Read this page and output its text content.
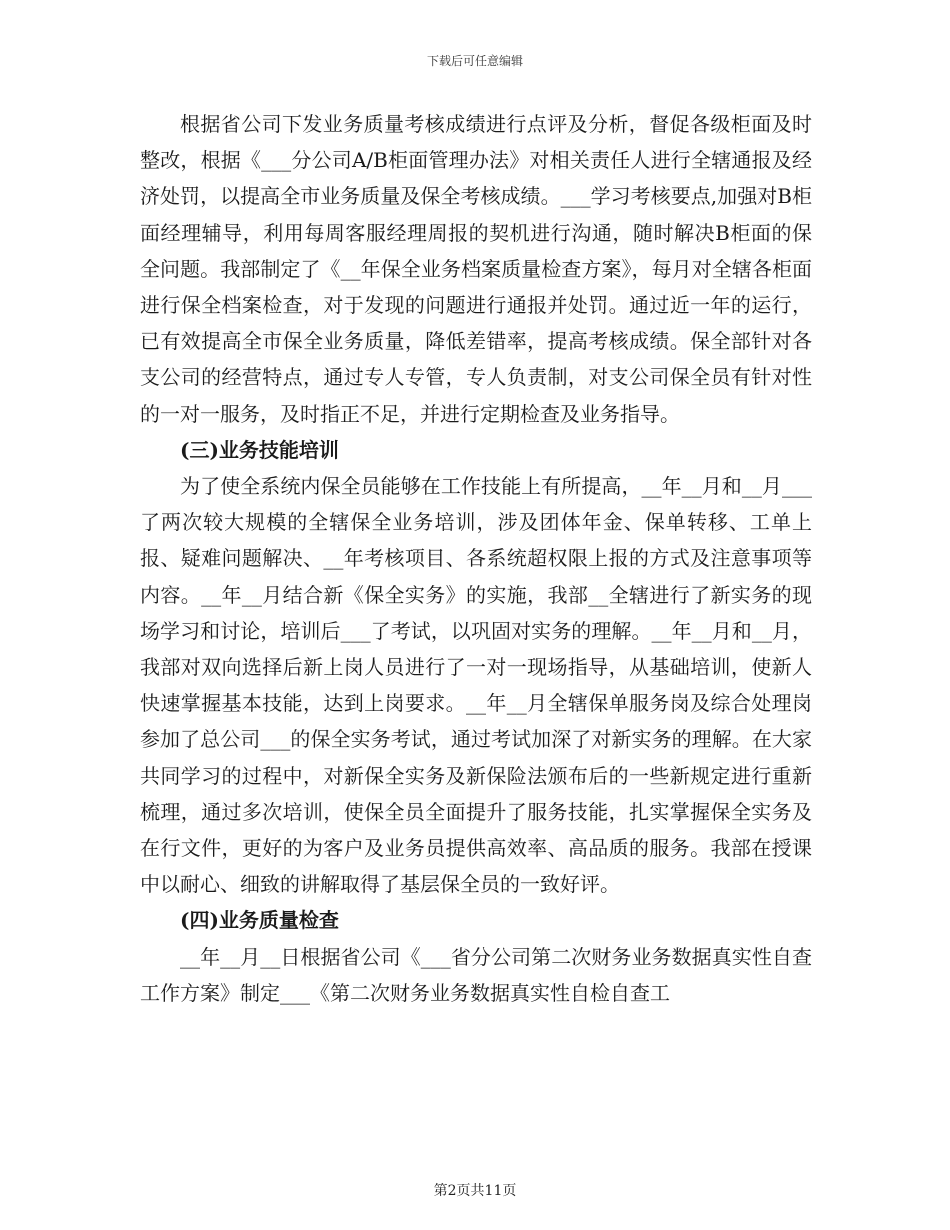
下载后可任意编辑

根据省公司下发业务质量考核成绩进行点评及分析，督促各级柜面及时整改，根据《___分公司A/B柜面管理办法》对相关责任人进行全辖通报及经济处罚，以提高全市业务质量及保全考核成绩。___学习考核要点,加强对B柜面经理辅导，利用每周客服经理周报的契机进行沟通，随时解决B柜面的保全问题。我部制定了《__年保全业务档案质量检查方案》，每月对全辖各柜面进行保全档案检查，对于发现的问题进行通报并处罚。通过近一年的运行，已有效提高全市保全业务质量，降低差错率，提高考核成绩。保全部针对各支公司的经营特点，通过专人专管，专人负责制，对支公司保全员有针对性的一对一服务，及时指正不足，并进行定期检查及业务指导。

(三)业务技能培训

为了使全系统内保全员能够在工作技能上有所提高，__年__月和__月___了两次较大规模的全辖保全业务培训，涉及团体年金、保单转移、工单上报、疑难问题解决、__年考核项目、各系统超权限上报的方式及注意事项等内容。__年__月结合新《保全实务》的实施，我部__全辖进行了新实务的现场学习和讨论，培训后___了考试，以巩固对实务的理解。__年__月和__月，我部对双向选择后新上岗人员进行了一对一现场指导，从基础培训，使新人快速掌握基本技能，达到上岗要求。__年__月全辖保单服务岗及综合处理岗参加了总公司___的保全实务考试，通过考试加深了对新实务的理解。在大家共同学习的过程中，对新保全实务及新保险法颁布后的一些新规定进行重新梳理，通过多次培训，使保全员全面提升了服务技能，扎实掌握保全实务及在行文件，更好的为客户及业务员提供高效率、高品质的服务。我部在授课中以耐心、细致的讲解取得了基层保全员的一致好评。

(四)业务质量检查

__年__月__日根据省公司《___省分公司第二次财务业务数据真实性自查工作方案》制定___《第二次财务业务数据真实性自检自查工

第2页共11页
